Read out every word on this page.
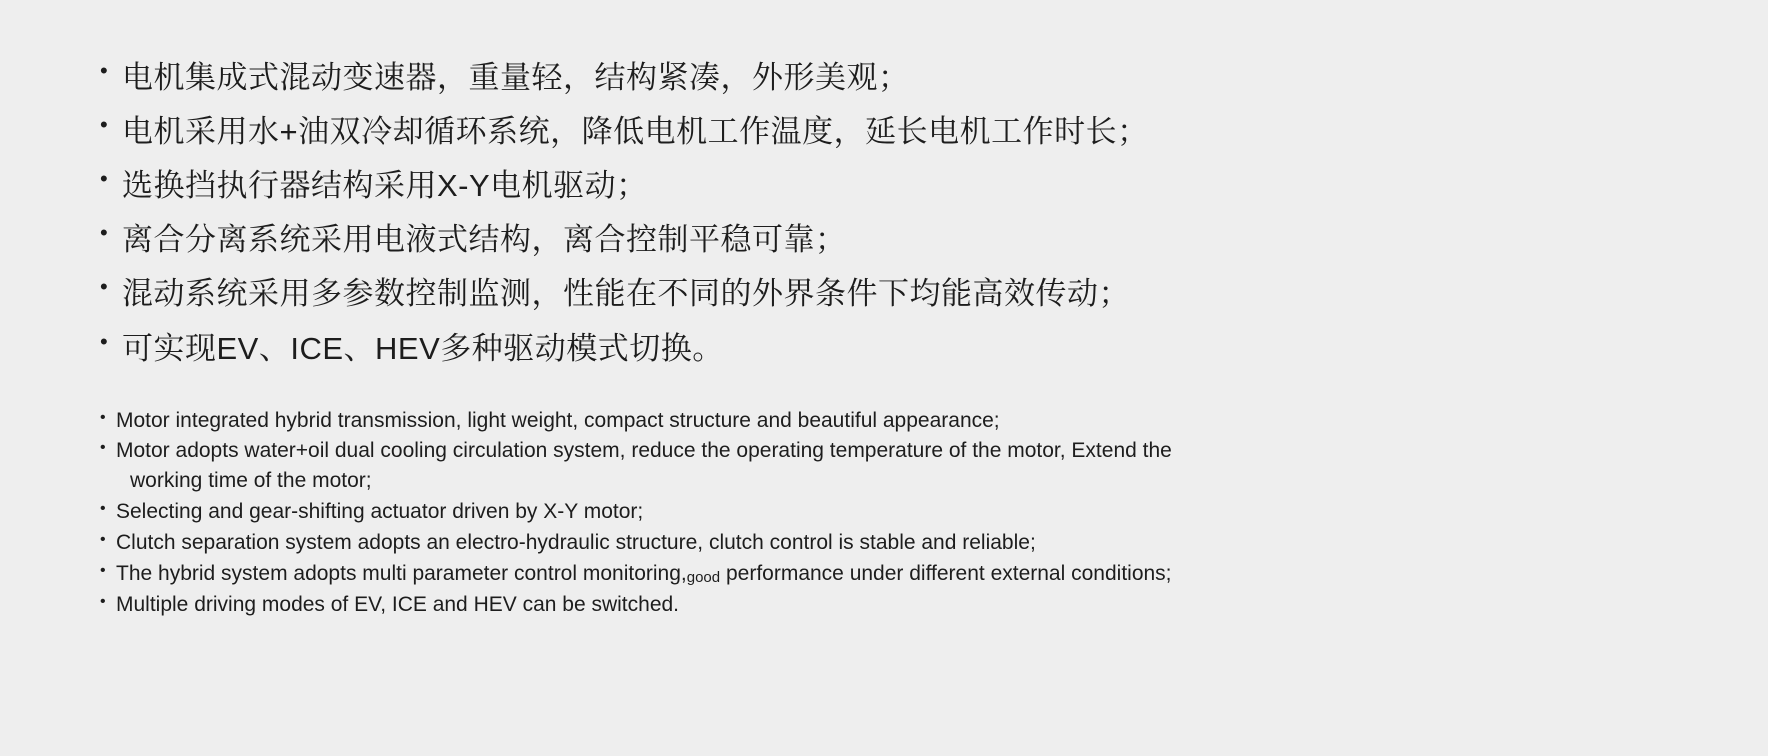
• 电机集成式混动变速器，重量轻，结构紧凑，外形美观；
• 电机采用水+油双冷却循环系统，降低电机工作温度，延长电机工作时长；
• 选换挡执行器结构采用X-Y电机驱动；
• 离合分离系统采用电液式结构，离合控制平稳可靠；
• 混动系统采用多参数控制监测，性能在不同的外界条件下均能高效传动；
• 可实现EV、ICE、HEV多种驱动模式切换。
• Motor integrated hybrid transmission, light weight, compact structure and beautiful appearance;
• Motor adopts water+oil dual cooling circulation system, reduce the operating temperature of the motor, Extend the
working time of the motor;
• Selecting and gear-shifting actuator driven by X-Y motor;
• Clutch separation system adopts an electro-hydraulic structure, clutch control is stable and reliable;
• The hybrid system adopts multi parameter control monitoring,good performance under different external conditions;
• Multiple driving modes of EV, ICE and HEV can be switched.
